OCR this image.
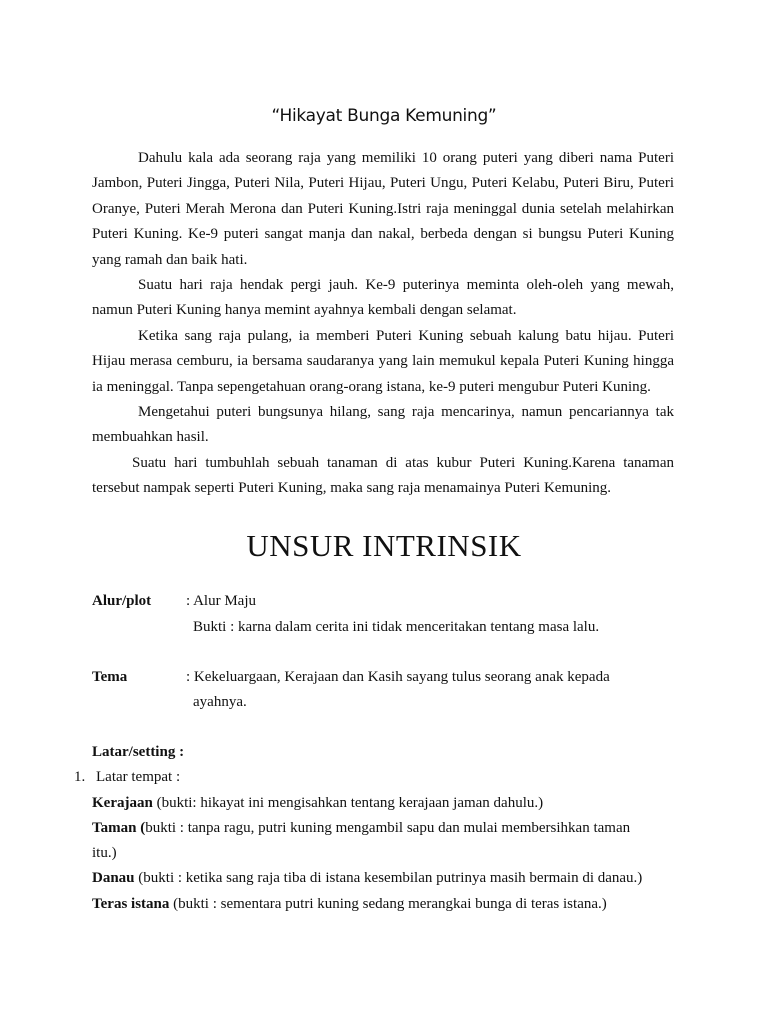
“Hikayat Bunga Kemuning”

Dahulu kala ada seorang raja yang memiliki 10 orang puteri yang diberi nama Puteri Jambon, Puteri Jingga, Puteri Nila, Puteri Hijau, Puteri Ungu, Puteri Kelabu, Puteri Biru, Puteri Oranye, Puteri Merah Merona dan Puteri Kuning.Istri raja meninggal dunia setelah melahirkan Puteri Kuning. Ke-9 puteri sangat manja dan nakal, berbeda dengan si bungsu Puteri Kuning yang ramah dan baik hati.

Suatu hari raja hendak pergi jauh. Ke-9 puterinya meminta oleh-oleh yang mewah, namun Puteri Kuning hanya memint ayahnya kembali dengan selamat.

Ketika sang raja pulang, ia memberi Puteri Kuning sebuah kalung batu hijau. Puteri Hijau merasa cemburu, ia bersama saudaranya yang lain memukul kepala Puteri Kuning hingga ia meninggal. Tanpa sepengetahuan orang-orang istana, ke-9 puteri mengubur Puteri Kuning.

Mengetahui puteri bungsunya hilang, sang raja mencarinya, namun pencariannya tak membuahkan hasil.

Suatu hari tumbuhlah sebuah tanaman di atas kubur Puteri Kuning.Karena tanaman tersebut nampak seperti Puteri Kuning, maka sang raja menamainya Puteri Kemuning.

UNSUR INTRINSIK
Alur/plot : Alur Maju
Bukti : karna dalam cerita ini tidak menceritakan tentang masa lalu.
Tema	: Kekeluargaan, Kerajaan dan Kasih sayang tulus seorang anak kepada
ayahnya.
Latar/setting :
1. Latar tempat :
Kerajaan (bukti: hikayat ini mengisahkan tentang kerajaan jaman dahulu.)
Taman (bukti : tanpa ragu, putri kuning mengambil sapu dan mulai membersihkan taman
itu.)
Danau (bukti : ketika sang raja tiba di istana kesembilan putrinya masih bermain di danau.)
Teras istana (bukti : sementara putri kuning sedang merangkai bunga di teras istana.)
